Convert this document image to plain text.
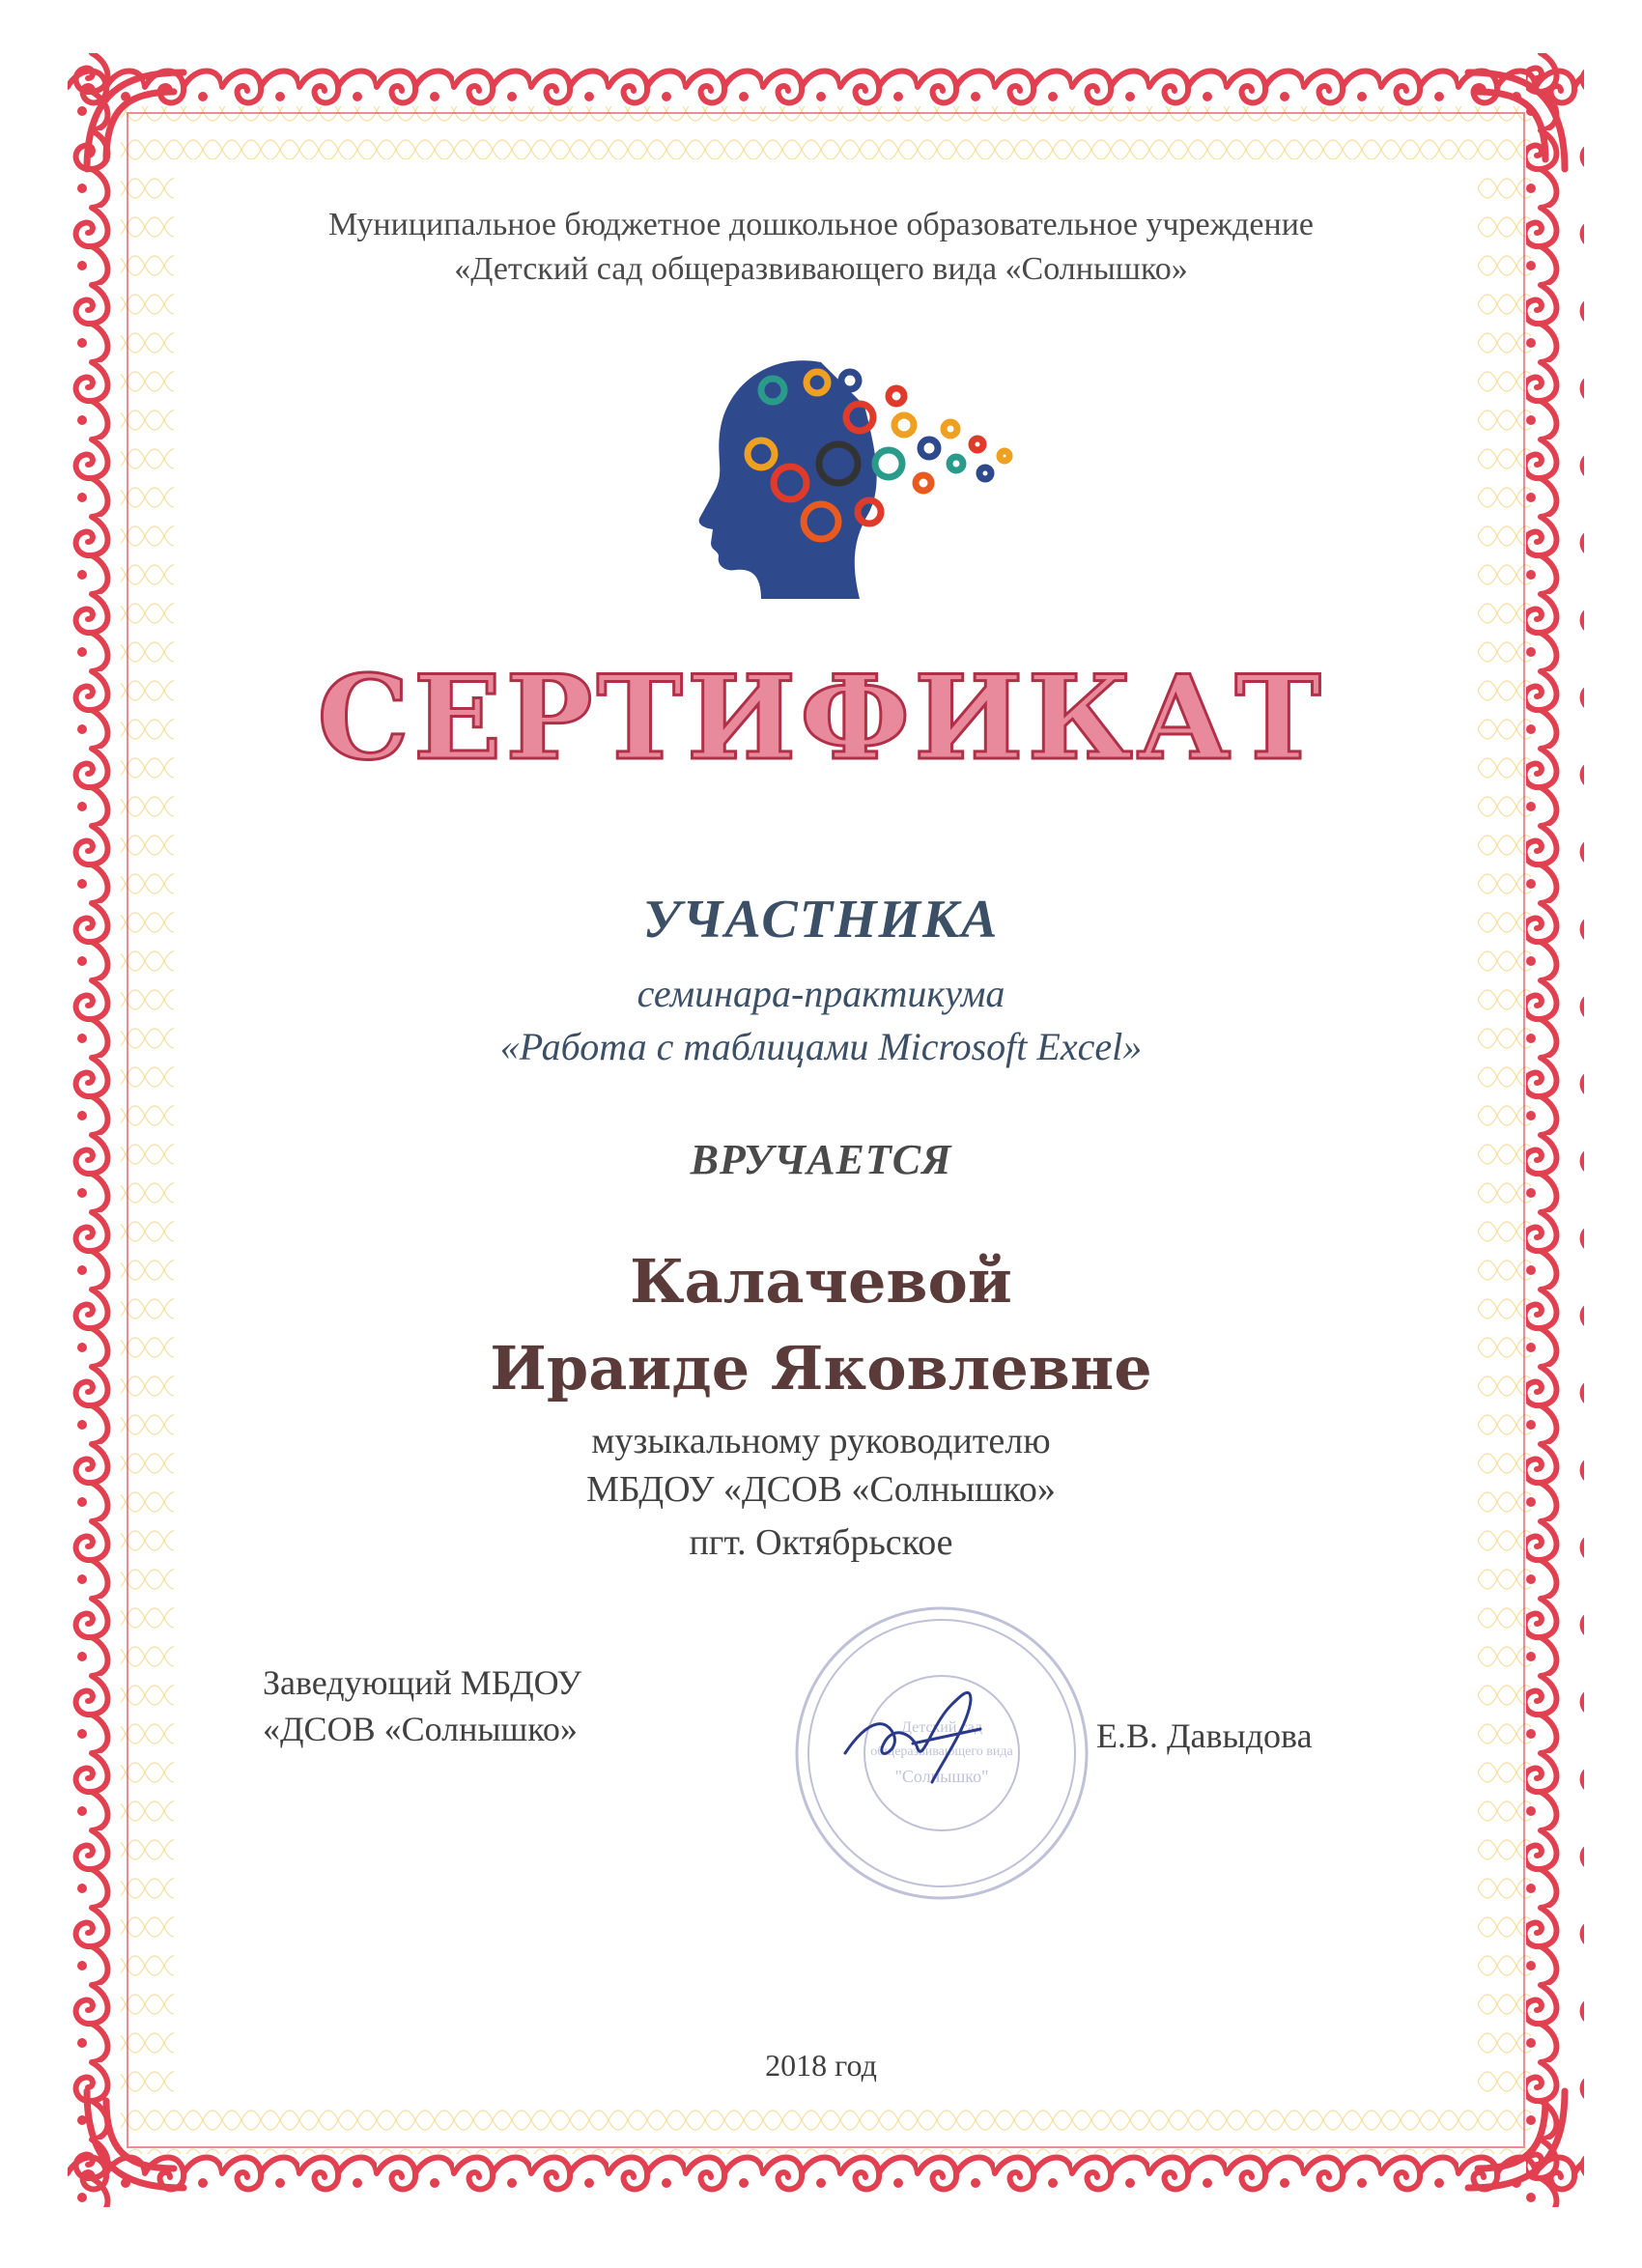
Муниципальное бюджетное дошкольное образовательное учреждение
«Детский сад общеразвивающего вида «Солнышко»
СЕРТИФИКАТ
УЧАСТНИКА
семинара-практикума
«Работа с таблицами Microsoft Excel»
ВРУЧАЕТСЯ
Калачевой
Ираиде Яковлевне
музыкальному руководителю
МБДОУ «ДСОВ «Солнышко»
пгт. Октябрьское
Заведующий МБДОУ
«ДСОВ «Солнышко»	Детский сад
общеразвивающего вида
"Солнышко"
Е.В. Давыдова
2018 год
